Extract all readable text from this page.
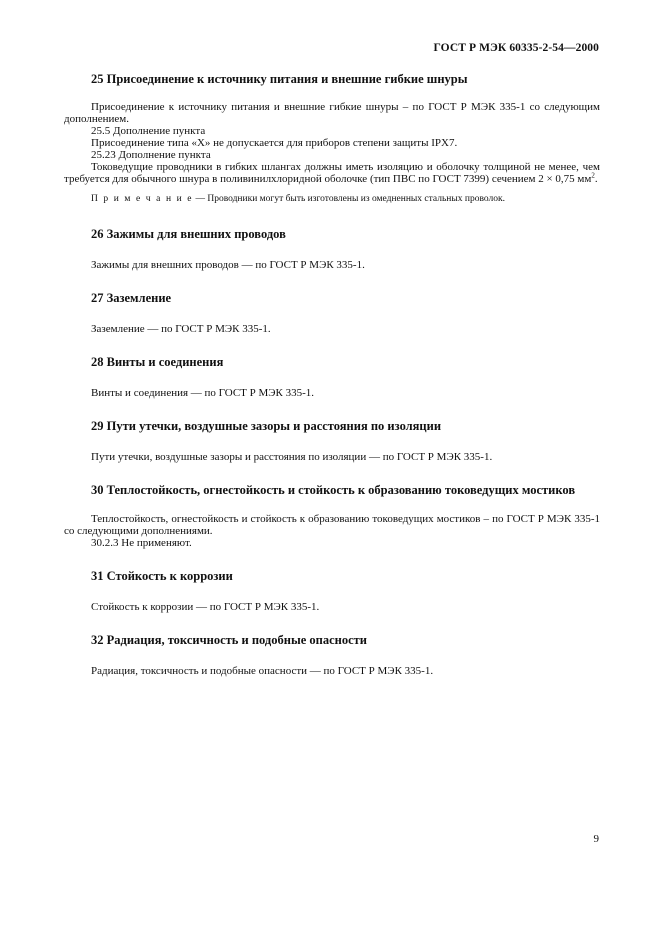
ГОСТ Р МЭК 60335-2-54—2000
25 Присоединение к источнику питания и внешние гибкие шнуры

Присоединение к источнику питания и внешние гибкие шнуры – по ГОСТ Р МЭК 335-1 со следующим дополнением.

25.5 Дополнение пункта

Присоединение типа «X» не допускается для приборов степени защиты IPX7.

25.23 Дополнение пункта

Токоведущие проводники в гибких шлангах должны иметь изоляцию и оболочку толщиной не менее, чем требуется для обычного шнура в поливинилхлоридной оболочке (тип ПВС по ГОСТ 7399) сечением 2 × 0,75 $мм^2$.

П р и м е ч а н и е — Проводники могут быть изготовлены из омедненных стальных проволок.

26 Зажимы для внешних проводов

Зажимы для внешних проводов — по ГОСТ Р МЭК 335-1.

27 Заземление

Заземление — по ГОСТ Р МЭК 335-1.

28 Винты и соединения

Винты и соединения — по ГОСТ Р МЭК 335-1.

29 Пути утечки, воздушные зазоры и расстояния по изоляции

Пути утечки, воздушные зазоры и расстояния по изоляции — по ГОСТ Р МЭК 335-1.

30 Теплостойкость, огнестойкость и стойкость к образованию токоведущих мостиков

Теплостойкость, огнестойкость и стойкость к образованию токоведущих мостиков – по ГОСТ Р МЭК 335-1 со следующими дополнениями.

30.2.3 Не применяют.

31 Стойкость к коррозии

Стойкость к коррозии — по ГОСТ Р МЭК 335-1.

32 Радиация, токсичность и подобные опасности

Радиация, токсичность и подобные опасности — по ГОСТ Р МЭК 335-1.

9
